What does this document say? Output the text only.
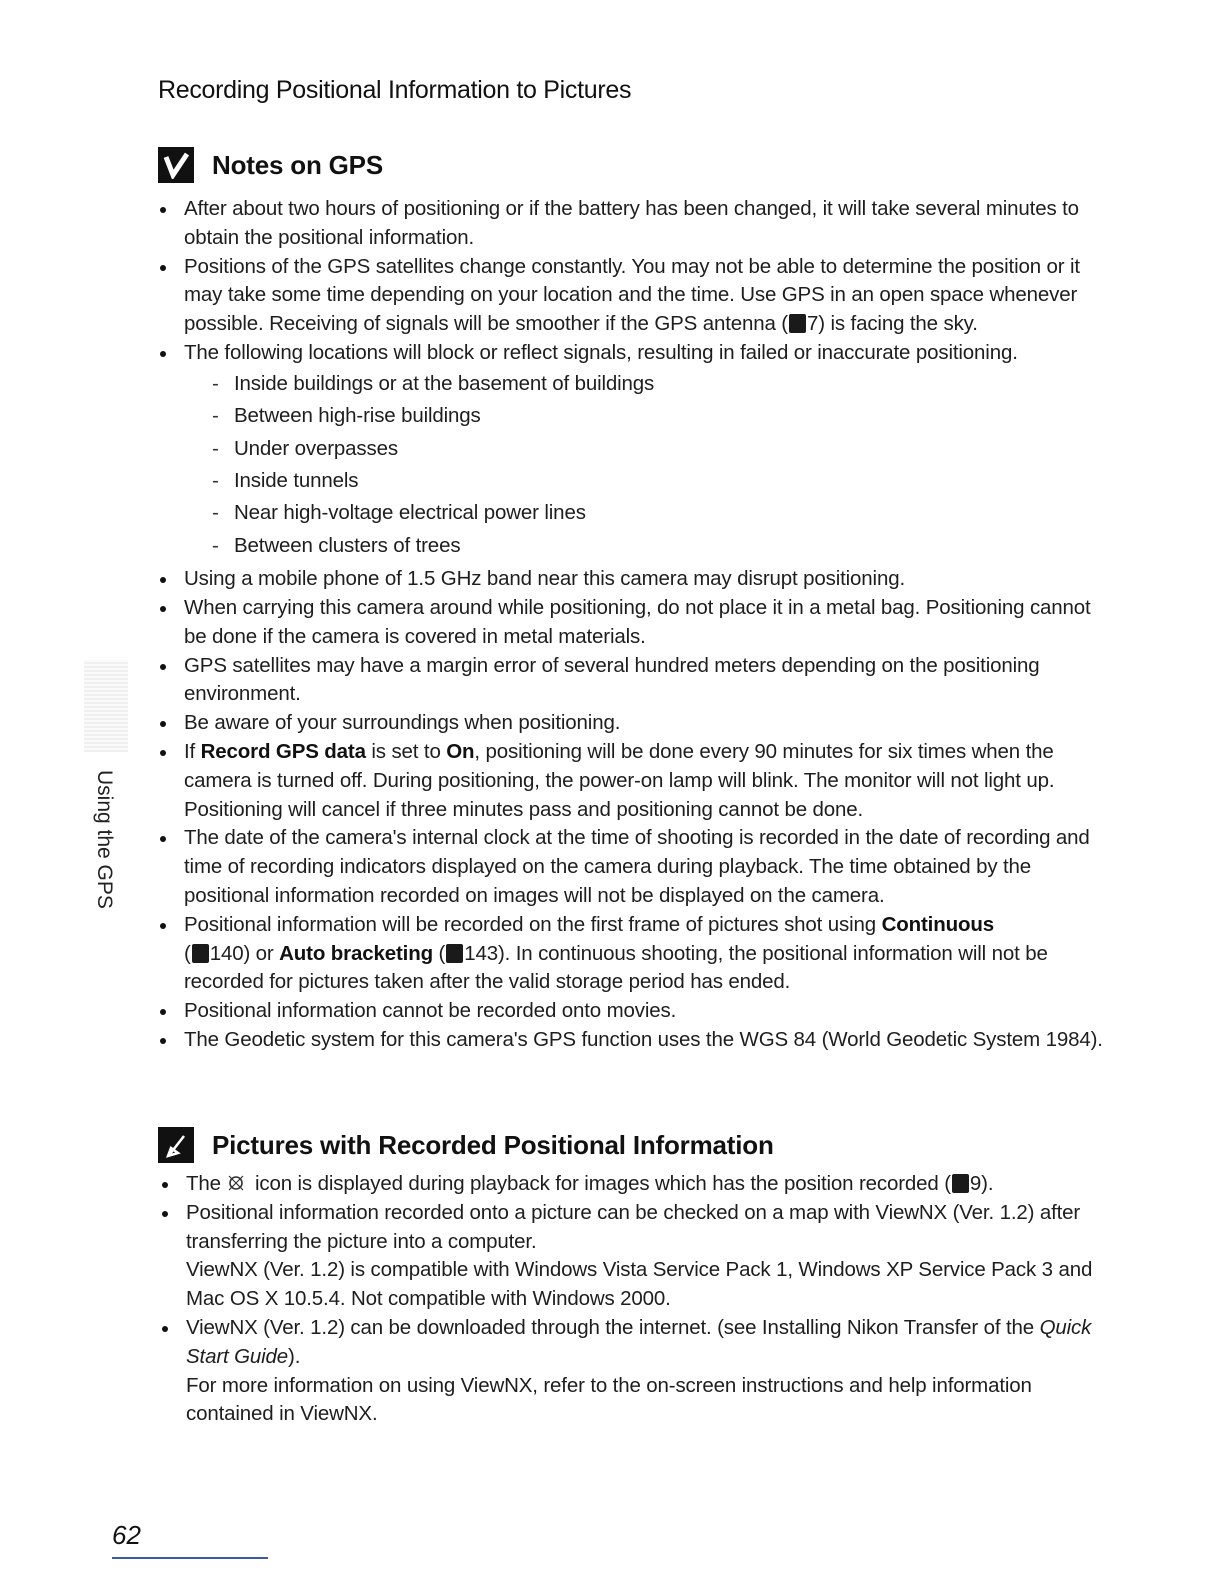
Recording Positional Information to Pictures
Notes on GPS
After about two hours of positioning or if the battery has been changed, it will take several minutes to obtain the positional information.
Positions of the GPS satellites change constantly. You may not be able to determine the position or it may take some time depending on your location and the time. Use GPS in an open space whenever possible. Receiving of signals will be smoother if the GPS antenna ( 7) is facing the sky.
The following locations will block or reflect signals, resulting in failed or inaccurate positioning.
- Inside buildings or at the basement of buildings
- Between high-rise buildings
- Under overpasses
- Inside tunnels
- Near high-voltage electrical power lines
- Between clusters of trees
Using a mobile phone of 1.5 GHz band near this camera may disrupt positioning.
When carrying this camera around while positioning, do not place it in a metal bag. Positioning cannot be done if the camera is covered in metal materials.
GPS satellites may have a margin error of several hundred meters depending on the positioning environment.
Be aware of your surroundings when positioning.
If Record GPS data is set to On, positioning will be done every 90 minutes for six times when the camera is turned off. During positioning, the power-on lamp will blink. The monitor will not light up. Positioning will cancel if three minutes pass and positioning cannot be done.
The date of the camera's internal clock at the time of shooting is recorded in the date of recording and time of recording indicators displayed on the camera during playback. The time obtained by the positional information recorded on images will not be displayed on the camera.
Positional information will be recorded on the first frame of pictures shot using Continuous
( 140) or Auto bracketing ( 143). In continuous shooting, the positional information will not be recorded for pictures taken after the valid storage period has ended.
Positional information cannot be recorded onto movies.
The Geodetic system for this camera's GPS function uses the WGS 84 (World Geodetic System 1984).
Pictures with Recorded Positional Information
The  icon is displayed during playback for images which has the position recorded ( 9).
Positional information recorded onto a picture can be checked on a map with ViewNX (Ver. 1.2) after transferring the picture into a computer.
ViewNX (Ver. 1.2) is compatible with Windows Vista Service Pack 1, Windows XP Service Pack 3 and Mac OS X 10.5.4. Not compatible with Windows 2000.
ViewNX (Ver. 1.2) can be downloaded through the internet. (see Installing Nikon Transfer of the Quick Start Guide).
For more information on using ViewNX, refer to the on-screen instructions and help information contained in ViewNX.
Using the GPS
62
